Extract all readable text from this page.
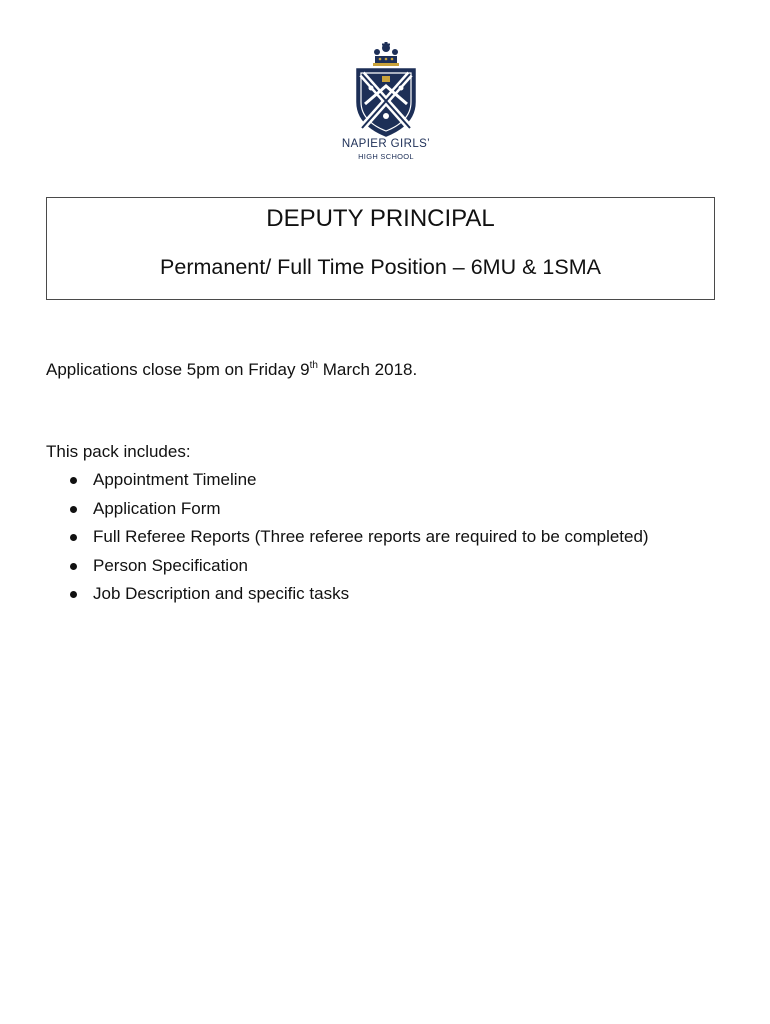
NAPIER GIRLS’
HIGH SCHOOL
DEPUTY PRINCIPAL
Permanent/ Full Time Position – 6MU & 1SMA
Applications close 5pm on Friday 9th March 2018.
This pack includes:
Appointment Timeline
Application Form
Full Referee Reports (Three referee reports are required to be completed)
Person Specification
Job Description and specific tasks
